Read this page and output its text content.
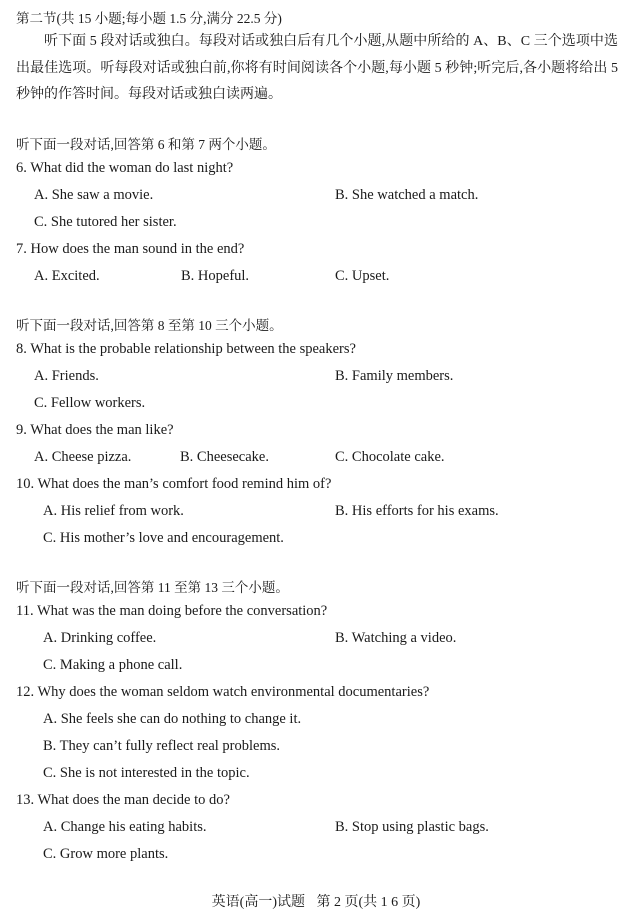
第二节(共 15 小题;每小题 1.5 分,满分 22.5 分)

听下面 5 段对话或独白。每段对话或独白后有几个小题,从题中所给的 A、B、C 三个选项中选出最佳选项。听每段对话或独白前,你将有时间阅读各个小题,每小题 5 秒钟;听完后,各小题将给出 5 秒钟的作答时间。每段对话或独白读两遍。

听下面一段对话,回答第 6 和第 7 两个小题。
6. What did the woman do last night?
A. She saw a movie.	B. She watched a match.
C. She tutored her sister.
7. How does the man sound in the end?
A. Excited.	B. Hopeful.	C. Upset.
听下面一段对话,回答第 8 至第 10 三个小题。
8. What is the probable relationship between the speakers?
A. Friends.	B. Family members.
C. Fellow workers.
9. What does the man like?
A. Cheese pizza.	B. Cheesecake.	C. Chocolate cake.
10. What does the man’s comfort food remind him of?
A. His relief from work.	B. His efforts for his exams.
C. His mother’s love and encouragement.
听下面一段对话,回答第 11 至第 13 三个小题。
11. What was the man doing before the conversation?
A. Drinking coffee.	B. Watching a video.
C. Making a phone call.
12. Why does the woman seldom watch environmental documentaries?
A. She feels she can do nothing to change it.
B. They can’t fully reflect real problems.
C. She is not interested in the topic.
13. What does the man decide to do?
A. Change his eating habits.	B. Stop using plastic bags.
C. Grow more plants.
英语(高一)试题 第 2 页(共 1 6 页)
